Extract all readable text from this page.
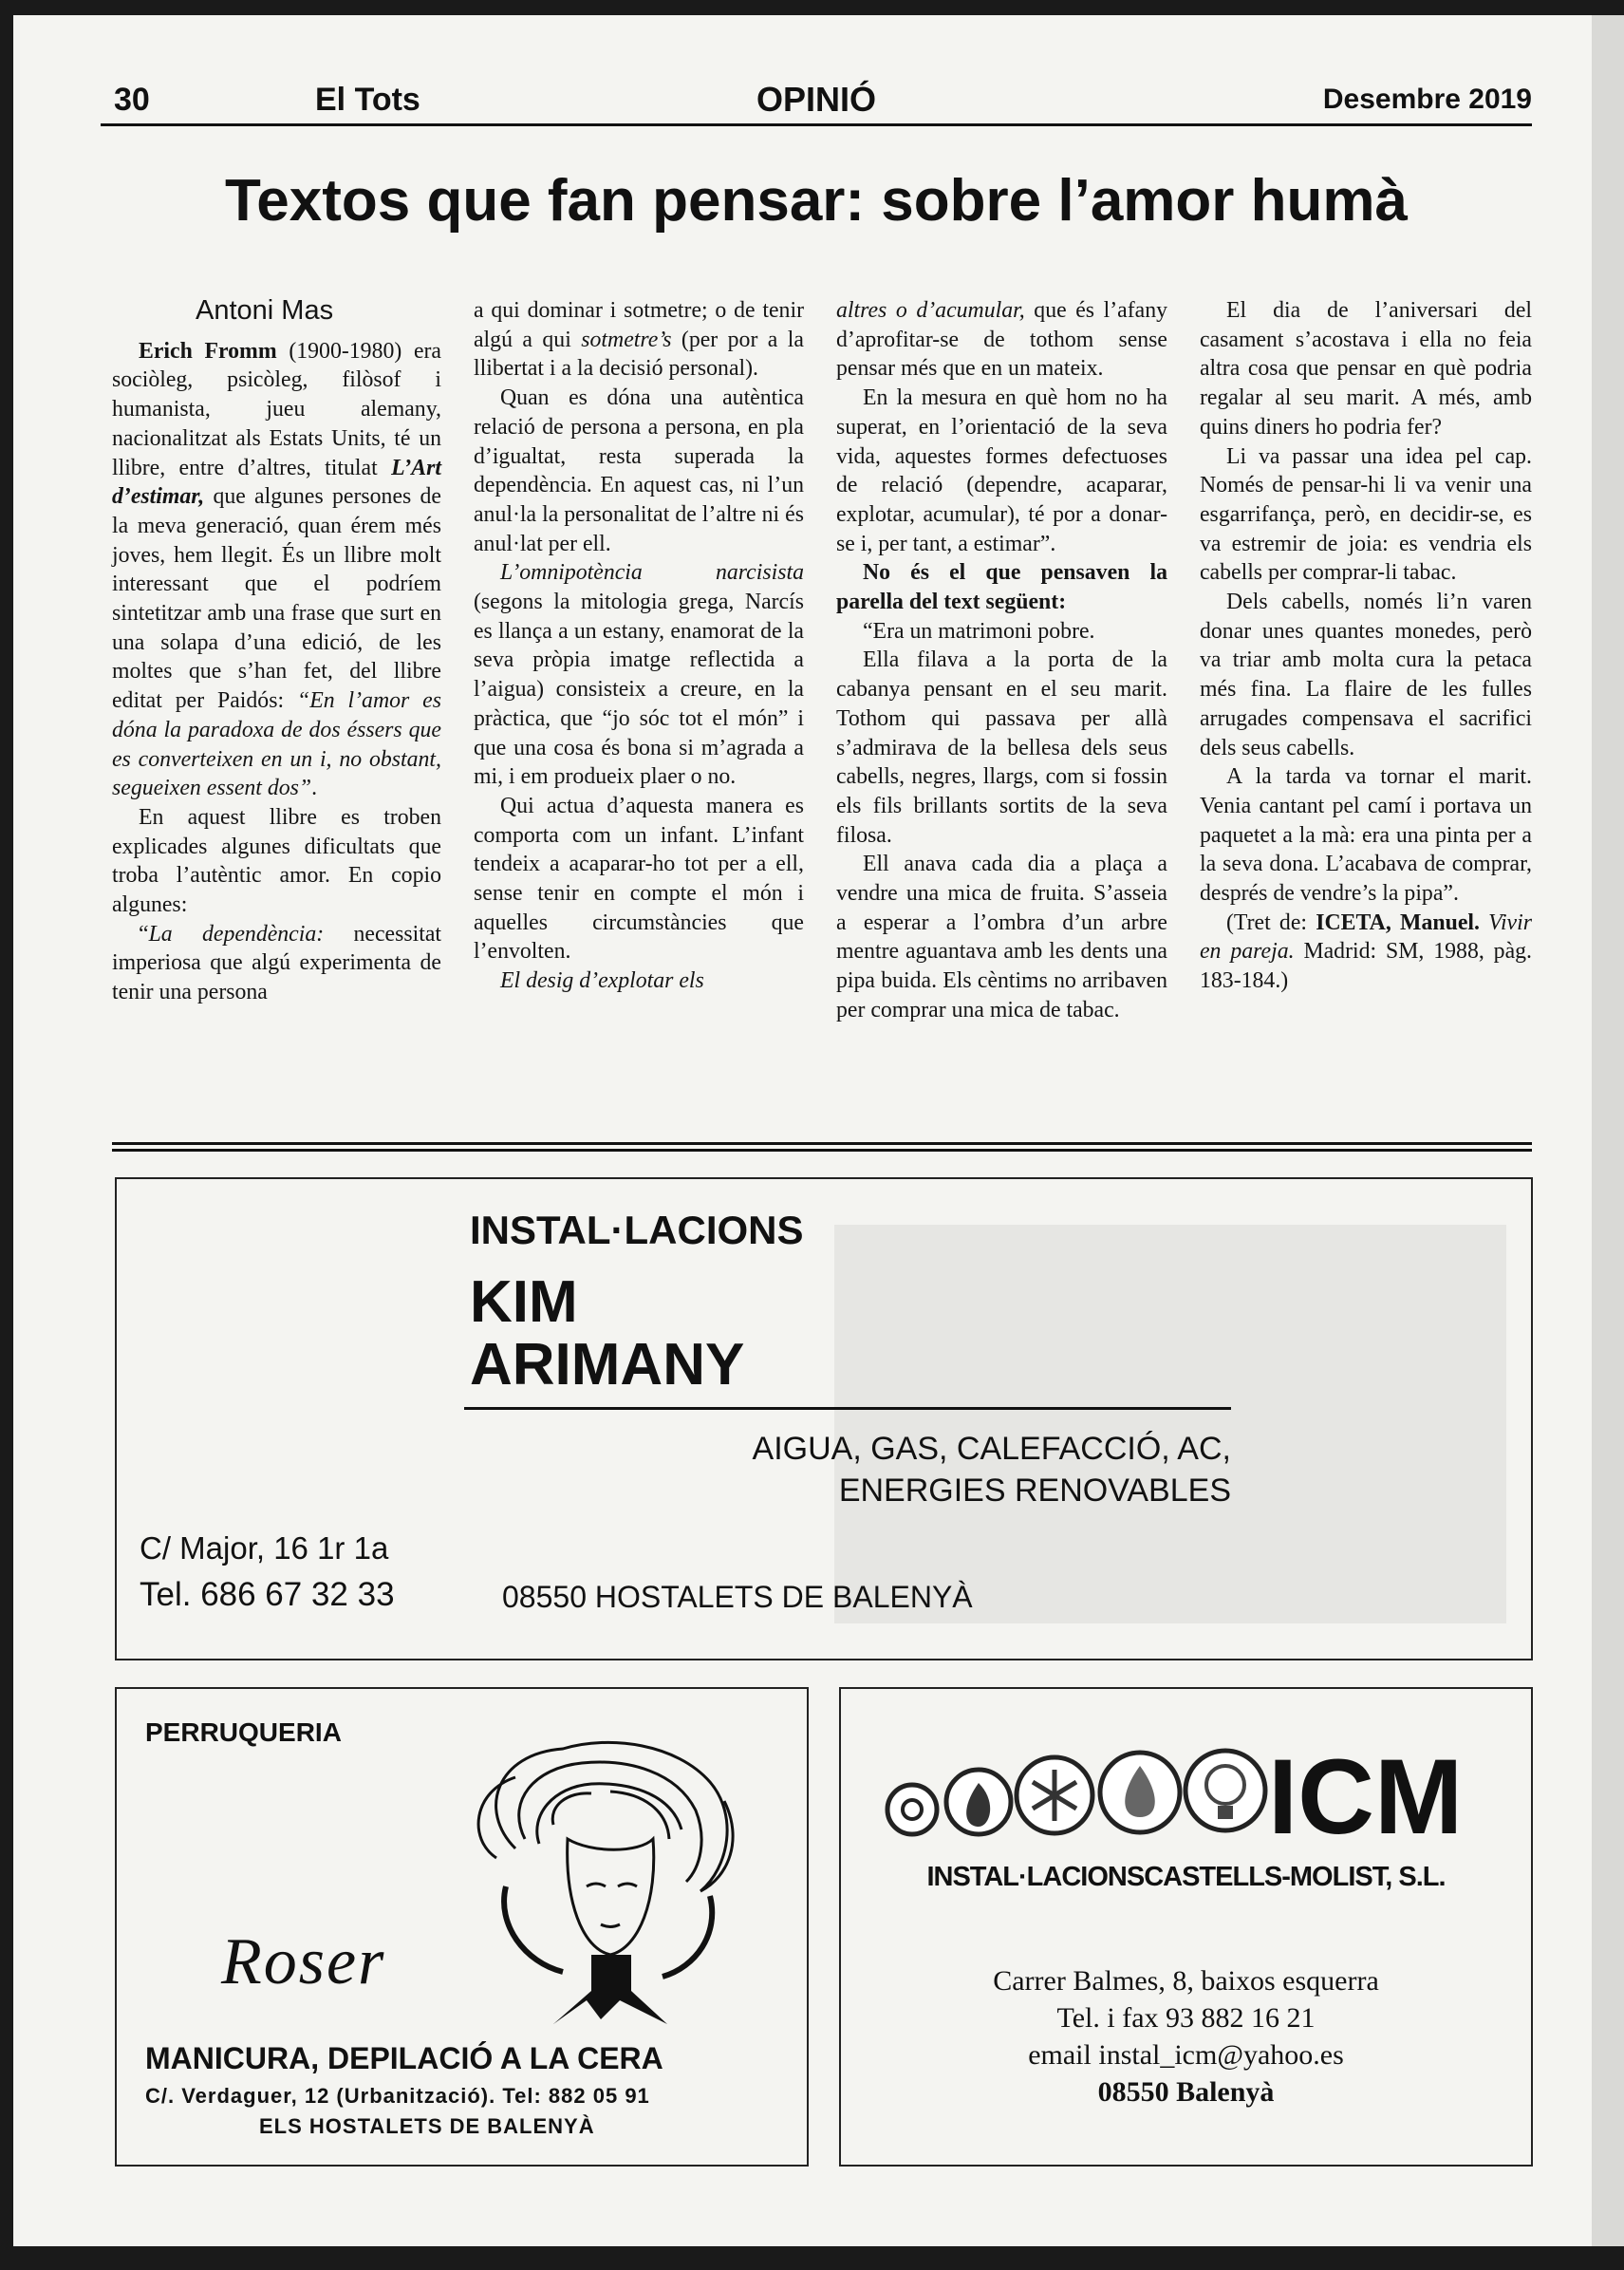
30	El Tots	OPINIÓ	Desembre 2019
Textos que fan pensar: sobre l’amor humà

Antoni Mas

Erich Fromm (1900-1980) era sociòleg, psicòleg, filòsof i humanista, jueu alemany, nacionalitzat als Estats Units, té un llibre, entre d’altres, titulat L’Art d’estimar, que algunes persones de la meva generació, quan érem més joves, hem llegit. És un llibre molt interessant que el podríem sintetitzar amb una frase que surt en una solapa d’una edició, de les moltes que s’han fet, del llibre editat per Paidós: “En l’amor es dóna la paradoxa de dos éssers que es converteixen en un i, no obstant, segueixen essent dos”.

En aquest llibre es troben explicades algunes dificultats que troba l’autèntic amor. En copio algunes:

“La dependència: necessitat imperiosa que algú experimenta de tenir una persona

a qui dominar i sotmetre; o de tenir algú a qui sotmetre’s (per por a la llibertat i a la decisió personal).

Quan es dóna una autèntica relació de persona a persona, en pla d’igualtat, resta superada la dependència. En aquest cas, ni l’un anul·la la personalitat de l’altre ni és anul·lat per ell.

L’omnipotència narcisista (segons la mitologia grega, Narcís es llança a un estany, enamorat de la seva pròpia imatge reflectida a l’aigua) consisteix a creure, en la pràctica, que “jo sóc tot el món” i que una cosa és bona si m’agrada a mi, i em produeix plaer o no.

Qui actua d’aquesta manera es comporta com un infant. L’infant tendeix a acaparar-ho tot per a ell, sense tenir en compte el món i aquelles circumstàncies que l’envolten.

El desig d’explotar els

altres o d’acumular, que és l’afany d’aprofitar-se de tothom sense pensar més que en un mateix.

En la mesura en què hom no ha superat, en l’orientació de la seva vida, aquestes formes defectuoses de relació (dependre, acaparar, explotar, acumular), té por a donar-se i, per tant, a estimar”.

No és el que pensaven la parella del text següent:

“Era un matrimoni pobre.

Ella filava a la porta de la cabanya pensant en el seu marit. Tothom qui passava per allà s’admirava de la bellesa dels seus cabells, negres, llargs, com si fossin els fils brillants sortits de la seva filosa.

Ell anava cada dia a plaça a vendre una mica de fruita. S’asseia a esperar a l’ombra d’un arbre mentre aguantava amb les dents una pipa buida. Els cèntims no arribaven per comprar una mica de tabac.

El dia de l’aniversari del casament s’acostava i ella no feia altra cosa que pensar en què podria regalar al seu marit. A més, amb quins diners ho podria fer?

Li va passar una idea pel cap. Només de pensar-hi li va venir una esgarrifança, però, en decidir-se, es va estremir de joia: es vendria els cabells per comprar-li tabac.

Dels cabells, només li’n varen donar unes quantes monedes, però va triar amb molta cura la petaca més fina. La flaire de les fulles arrugades compensava el sacrifici dels seus cabells.

A la tarda va tornar el marit. Venia cantant pel camí i portava un paquetet a la mà: era una pinta per a la seva dona. L’acabava de comprar, després de vendre’s la pipa”.

(Tret de: ICETA, Manuel. Vivir en pareja. Madrid: SM, 1988, pàg. 183-184.)

INSTAL·LACIONS
KIM
ARIMANY
AIGUA, GAS, CALEFACCIÓ, AC,
ENERGIES RENOVABLES
C/ Major, 16 1r 1a
Tel. 686 67 32 33	08550 HOSTALETS DE BALENYÀ
PERRUQUERIA
Roser
MANICURA, DEPILACIÓ A LA CERA
C/. Verdaguer, 12 (Urbanització). Tel: 882 05 91
ELS HOSTALETS DE BALENYÀ
ICM
INSTAL·LACIONSCASTELLS-MOLIST, S.L.
Carrer Balmes, 8, baixos esquerra
Tel. i fax 93 882 16 21
email instal_icm@yahoo.es
08550 Balenyà
